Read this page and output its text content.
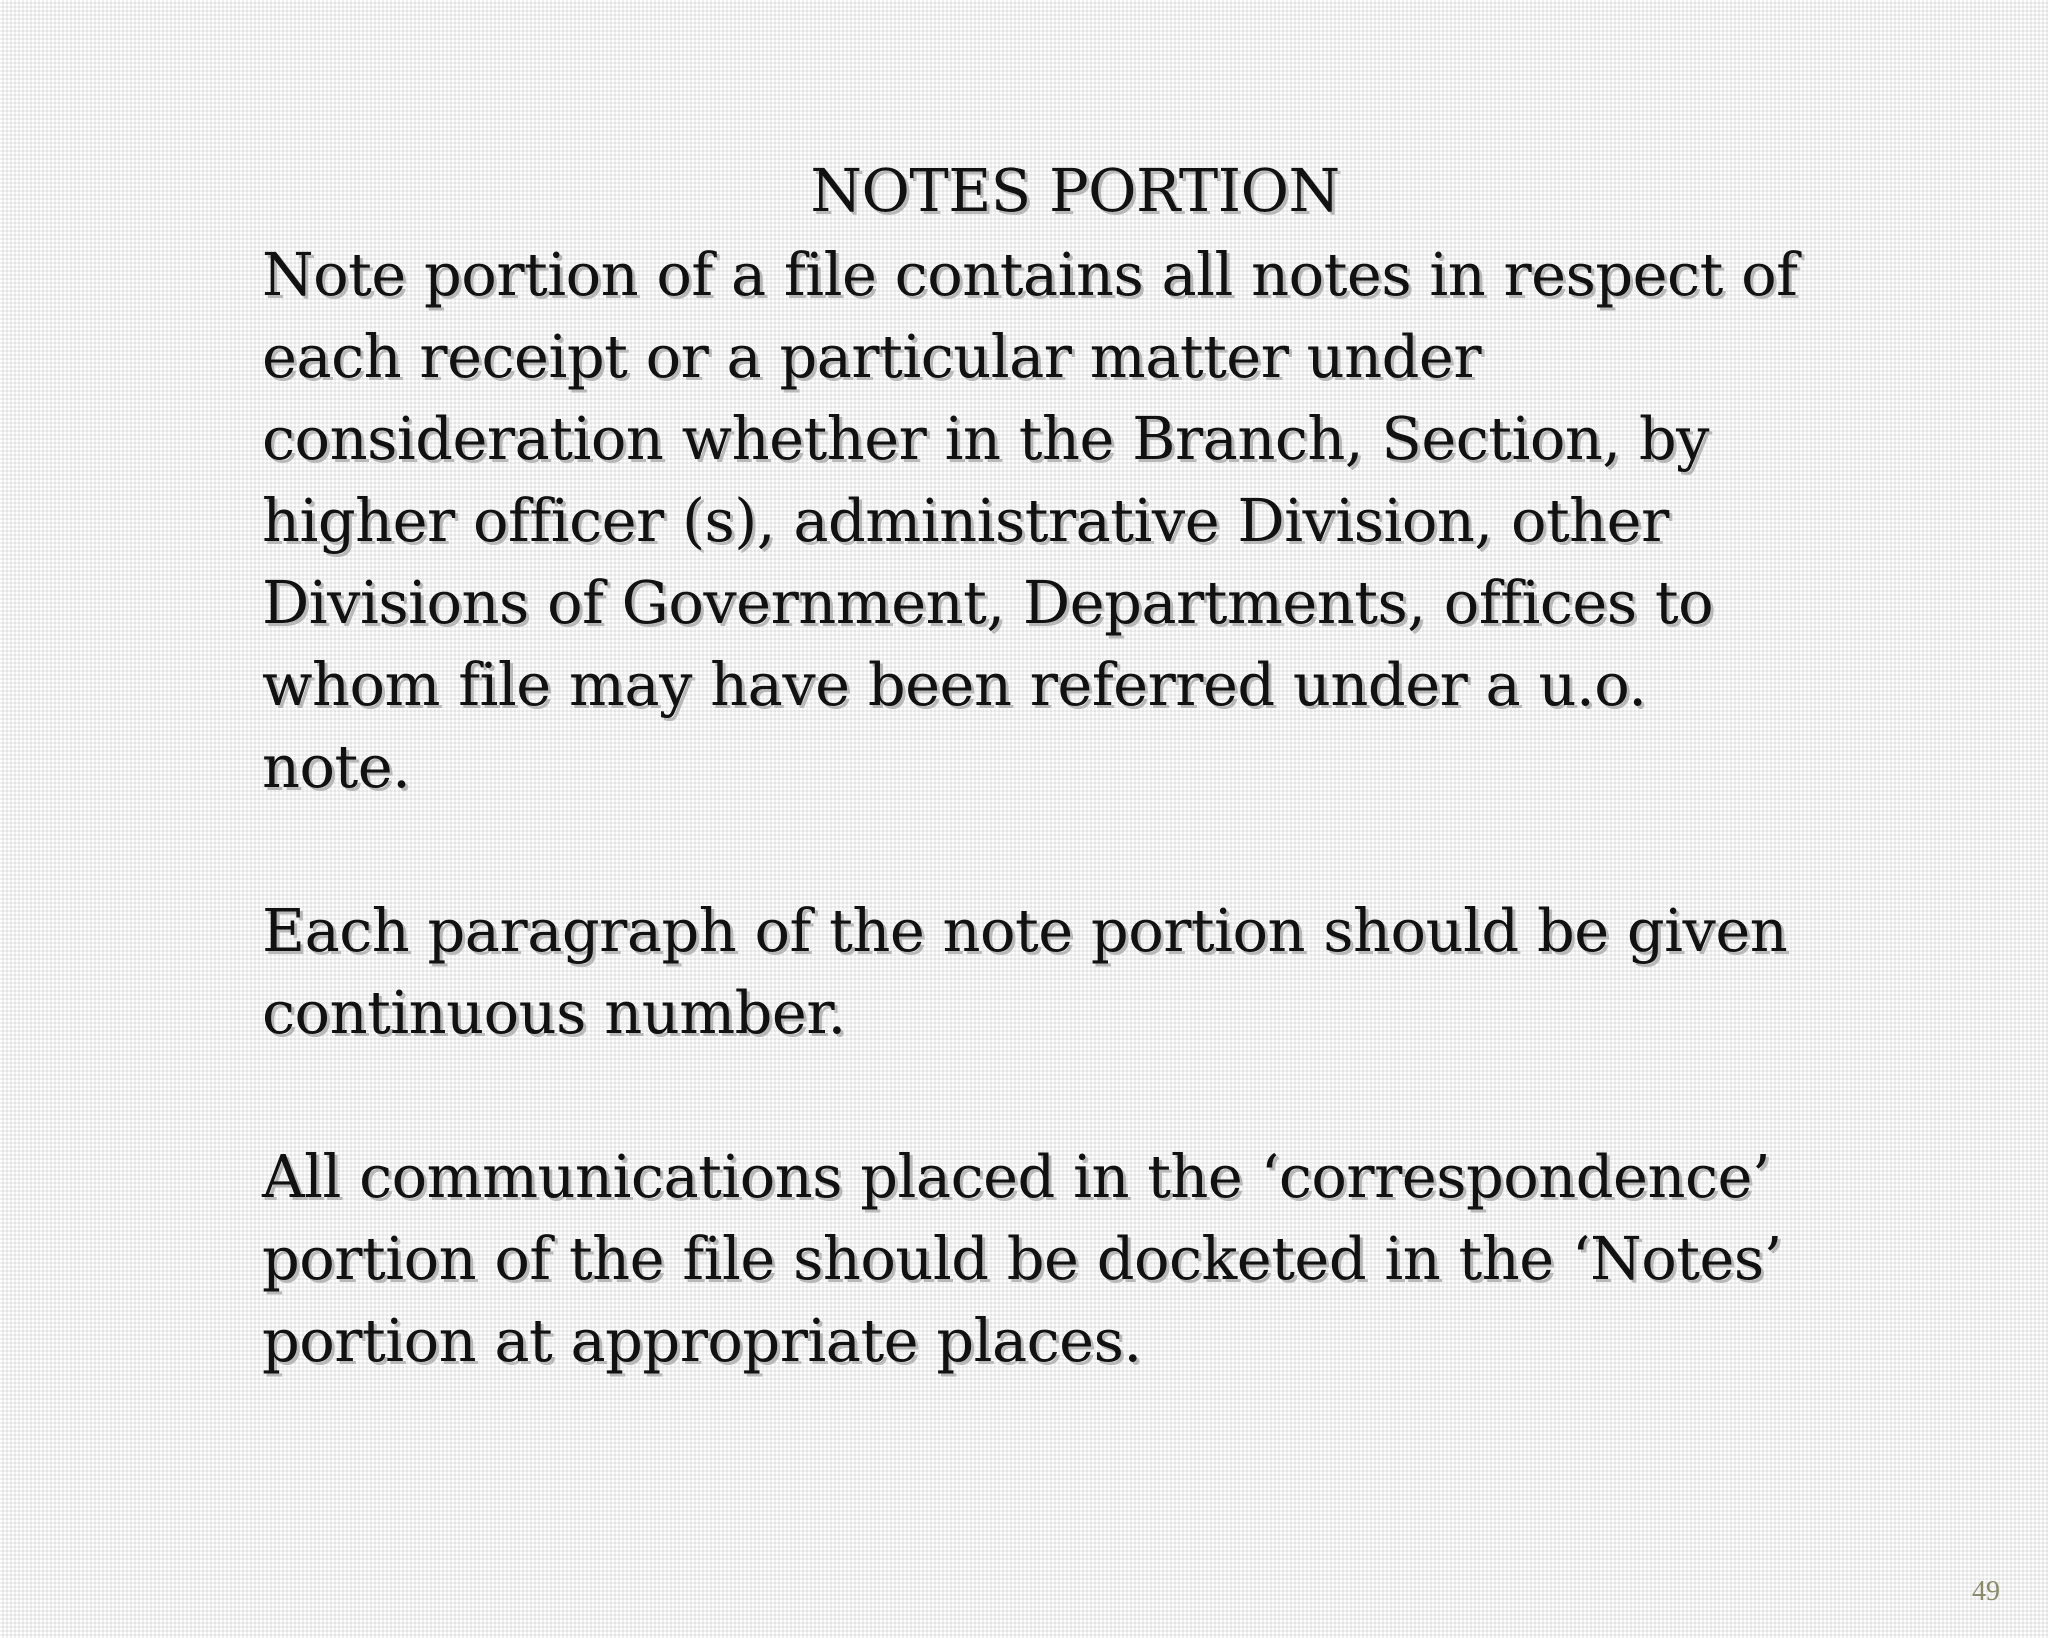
NOTES PORTION

Note portion of a file contains all notes in respect of
each receipt or a particular matter under
consideration whether in the Branch, Section, by
higher officer (s), administrative Division, other
Divisions of Government, Departments, offices to
whom file may have been referred under a u.o.
note.

Each paragraph of the note portion should be given
continuous number.

All communications placed in the ‘correspondence’
portion of the file should be docketed in the ‘Notes’
portion at appropriate places.

49
